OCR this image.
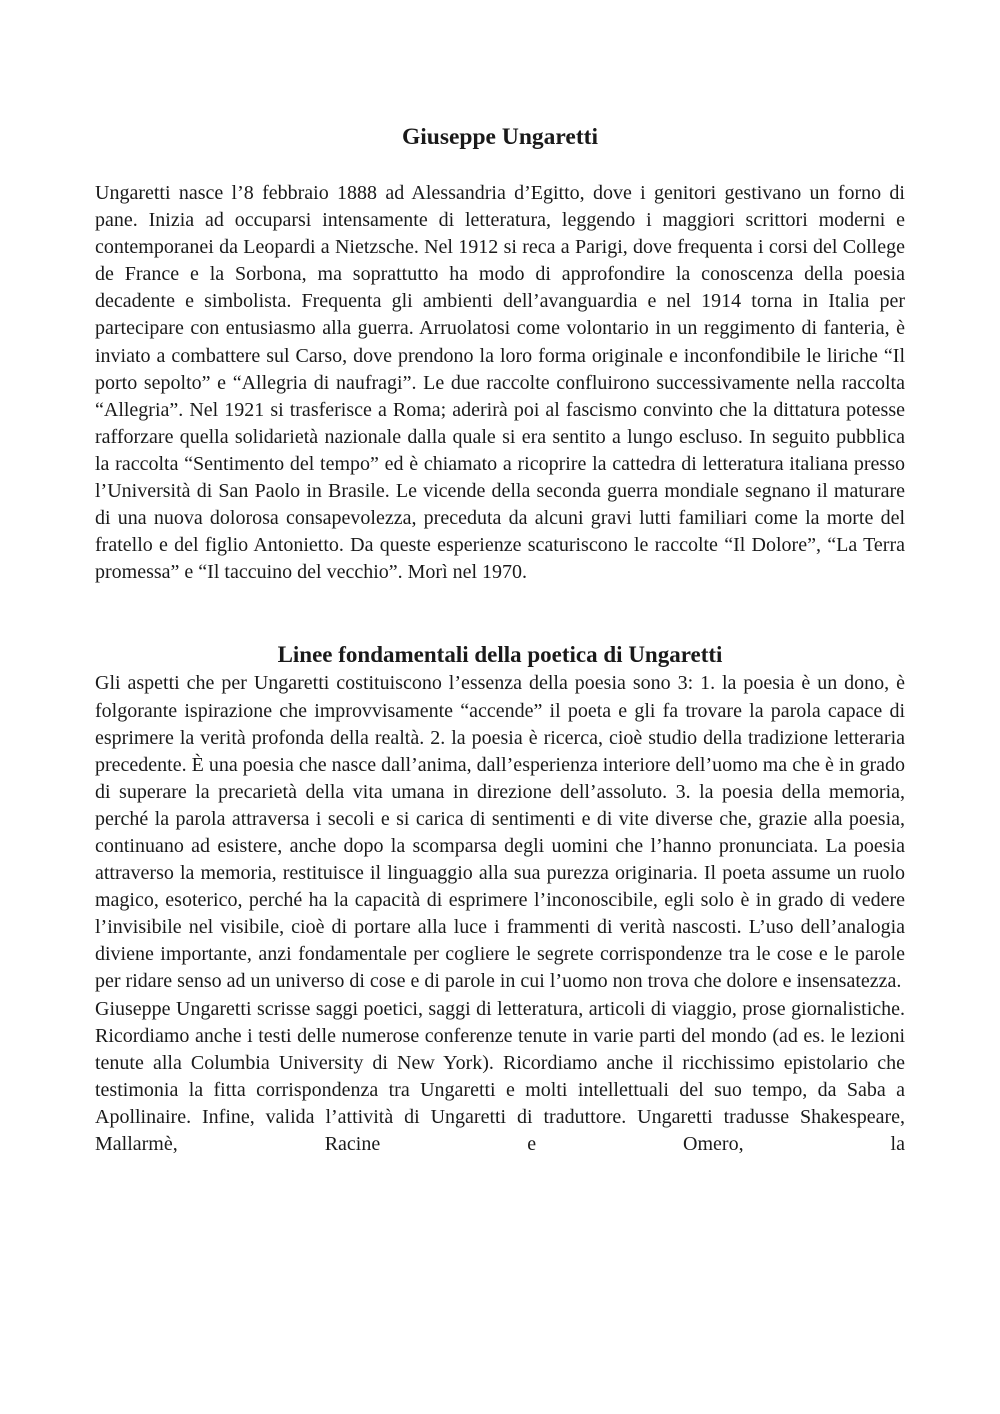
Giuseppe Ungaretti

Ungaretti nasce l’8 febbraio 1888 ad Alessandria d’Egitto, dove i genitori gestivano un forno di pane. Inizia ad occuparsi intensamente di letteratura, leggendo i maggiori scrittori moderni e contemporanei da Leopardi a Nietzsche. Nel 1912 si reca a Parigi, dove frequenta i corsi del College de France e la Sorbona, ma soprattutto ha modo di approfondire la conoscenza della poesia decadente e simbolista. Frequenta gli ambienti dell’avanguardia e nel 1914 torna in Italia per partecipare con entusiasmo alla guerra. Arruolatosi come volontario in un reggimento di fanteria, è inviato a combattere sul Carso, dove prendono la loro forma originale e inconfondibile le liriche “Il porto sepolto” e “Allegria di naufragi”. Le due raccolte confluirono successivamente nella raccolta “Allegria”. Nel 1921 si trasferisce a Roma; aderirà poi al fascismo convinto che la dittatura potesse rafforzare quella solidarietà nazionale dalla quale si era sentito a lungo escluso. In seguito pubblica la raccolta “Sentimento del tempo” ed è chiamato a ricoprire la cattedra di letteratura italiana presso l’Università di San Paolo in Brasile. Le vicende della seconda guerra mondiale segnano il maturare di una nuova dolorosa consapevolezza, preceduta da alcuni gravi lutti familiari come la morte del fratello e del figlio Antonietto. Da queste esperienze scaturiscono le raccolte “Il Dolore”, “La Terra promessa” e “Il taccuino del vecchio”. Morì nel 1970.

Linee fondamentali della poetica di Ungaretti

Gli aspetti che per Ungaretti costituiscono l’essenza della poesia sono 3: 1. la poesia è un dono, è folgorante ispirazione che improvvisamente “accende” il poeta e gli fa trovare la parola capace di esprimere la verità profonda della realtà. 2. la poesia è ricerca, cioè studio della tradizione letteraria precedente. È una poesia che nasce dall’anima, dall’esperienza interiore dell’uomo ma che è in grado di superare la precarietà della vita umana in direzione dell’assoluto. 3. la poesia della memoria, perché la parola attraversa i secoli e si carica di sentimenti e di vite diverse che, grazie alla poesia, continuano ad esistere, anche dopo la scomparsa degli uomini che l’hanno pronunciata. La poesia attraverso la memoria, restituisce il linguaggio alla sua purezza originaria. Il poeta assume un ruolo magico, esoterico, perché ha la capacità di esprimere l’inconoscibile, egli solo è in grado di vedere l’invisibile nel visibile, cioè di portare alla luce i frammenti di verità nascosti. L’uso dell’analogia diviene importante, anzi fondamentale per cogliere le segrete corrispondenze tra le cose e le parole per ridare senso ad un universo di cose e di parole in cui l’uomo non trova che dolore e insensatezza.

Giuseppe Ungaretti scrisse saggi poetici, saggi di letteratura, articoli di viaggio, prose giornalistiche. Ricordiamo anche i testi delle numerose conferenze tenute in varie parti del mondo (ad es. le lezioni tenute alla Columbia University di New York). Ricordiamo anche il ricchissimo epistolario che testimonia la fitta corrispondenza tra Ungaretti e molti intellettuali del suo tempo, da Saba a Apollinaire. Infine, valida l’attività di Ungaretti di traduttore. Ungaretti tradusse Shakespeare, Mallarmè, Racine e Omero, la
